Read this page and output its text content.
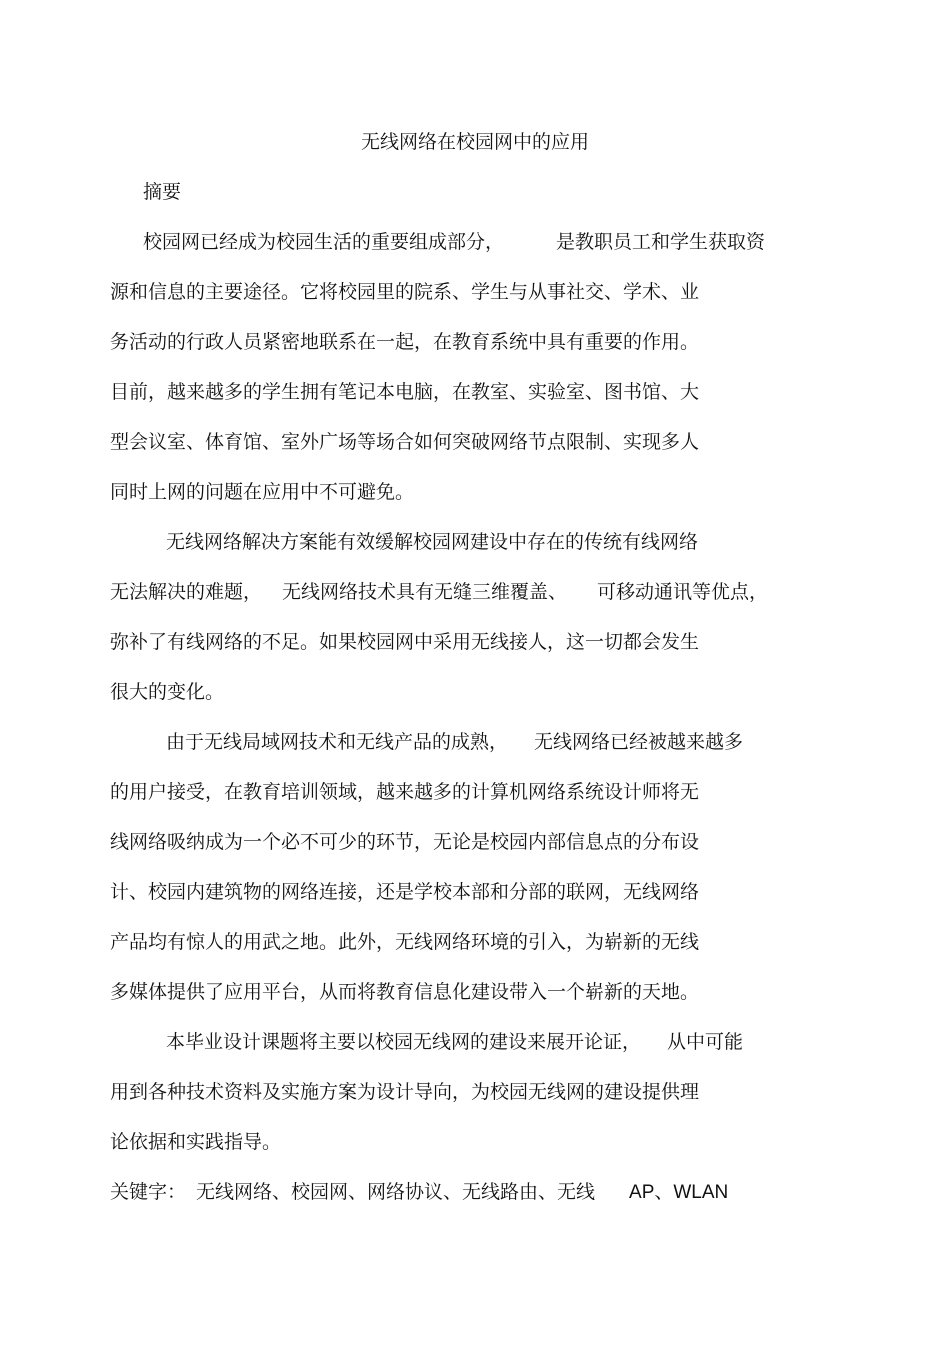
无线网络在校园网中的应用
摘要
校园网已经成为校园生活的重要组成部分，	是教职员工和学生获取资
源和信息的主要途径。它将校园里的院系、学生与从事社交、学术、业
务活动的行政人员紧密地联系在一起，在教育系统中具有重要的作用。
目前，越来越多的学生拥有笔记本电脑，在教室、实验室、图书馆、大
型会议室、体育馆、室外广场等场合如何突破网络节点限制、实现多人
同时上网的问题在应用中不可避免。
无线网络解决方案能有效缓解校园网建设中存在的传统有线网络
无法解决的难题， 无线网络技术具有无缝三维覆盖、 可移动通讯等优点，
弥补了有线网络的不足。如果校园网中采用无线接人，这一切都会发生
很大的变化。
由于无线局域网技术和无线产品的成熟， 无线网络已经被越来越多
的用户接受，在教育培训领域，越来越多的计算机网络系统设计师将无
线网络吸纳成为一个必不可少的环节，无论是校园内部信息点的分布设
计、校园内建筑物的网络连接，还是学校本部和分部的联网，无线网络
产品均有惊人的用武之地。此外，无线网络环境的引入，为崭新的无线
多媒体提供了应用平台，从而将教育信息化建设带入一个崭新的天地。
本毕业设计课题将主要以校园无线网的建设来展开论证， 从中可能
用到各种技术资料及实施方案为设计导向，为校园无线网的建设提供理
论依据和实践指导。
关键字： 无线网络、校园网、网络协议、无线路由、无线 AP、WLAN
